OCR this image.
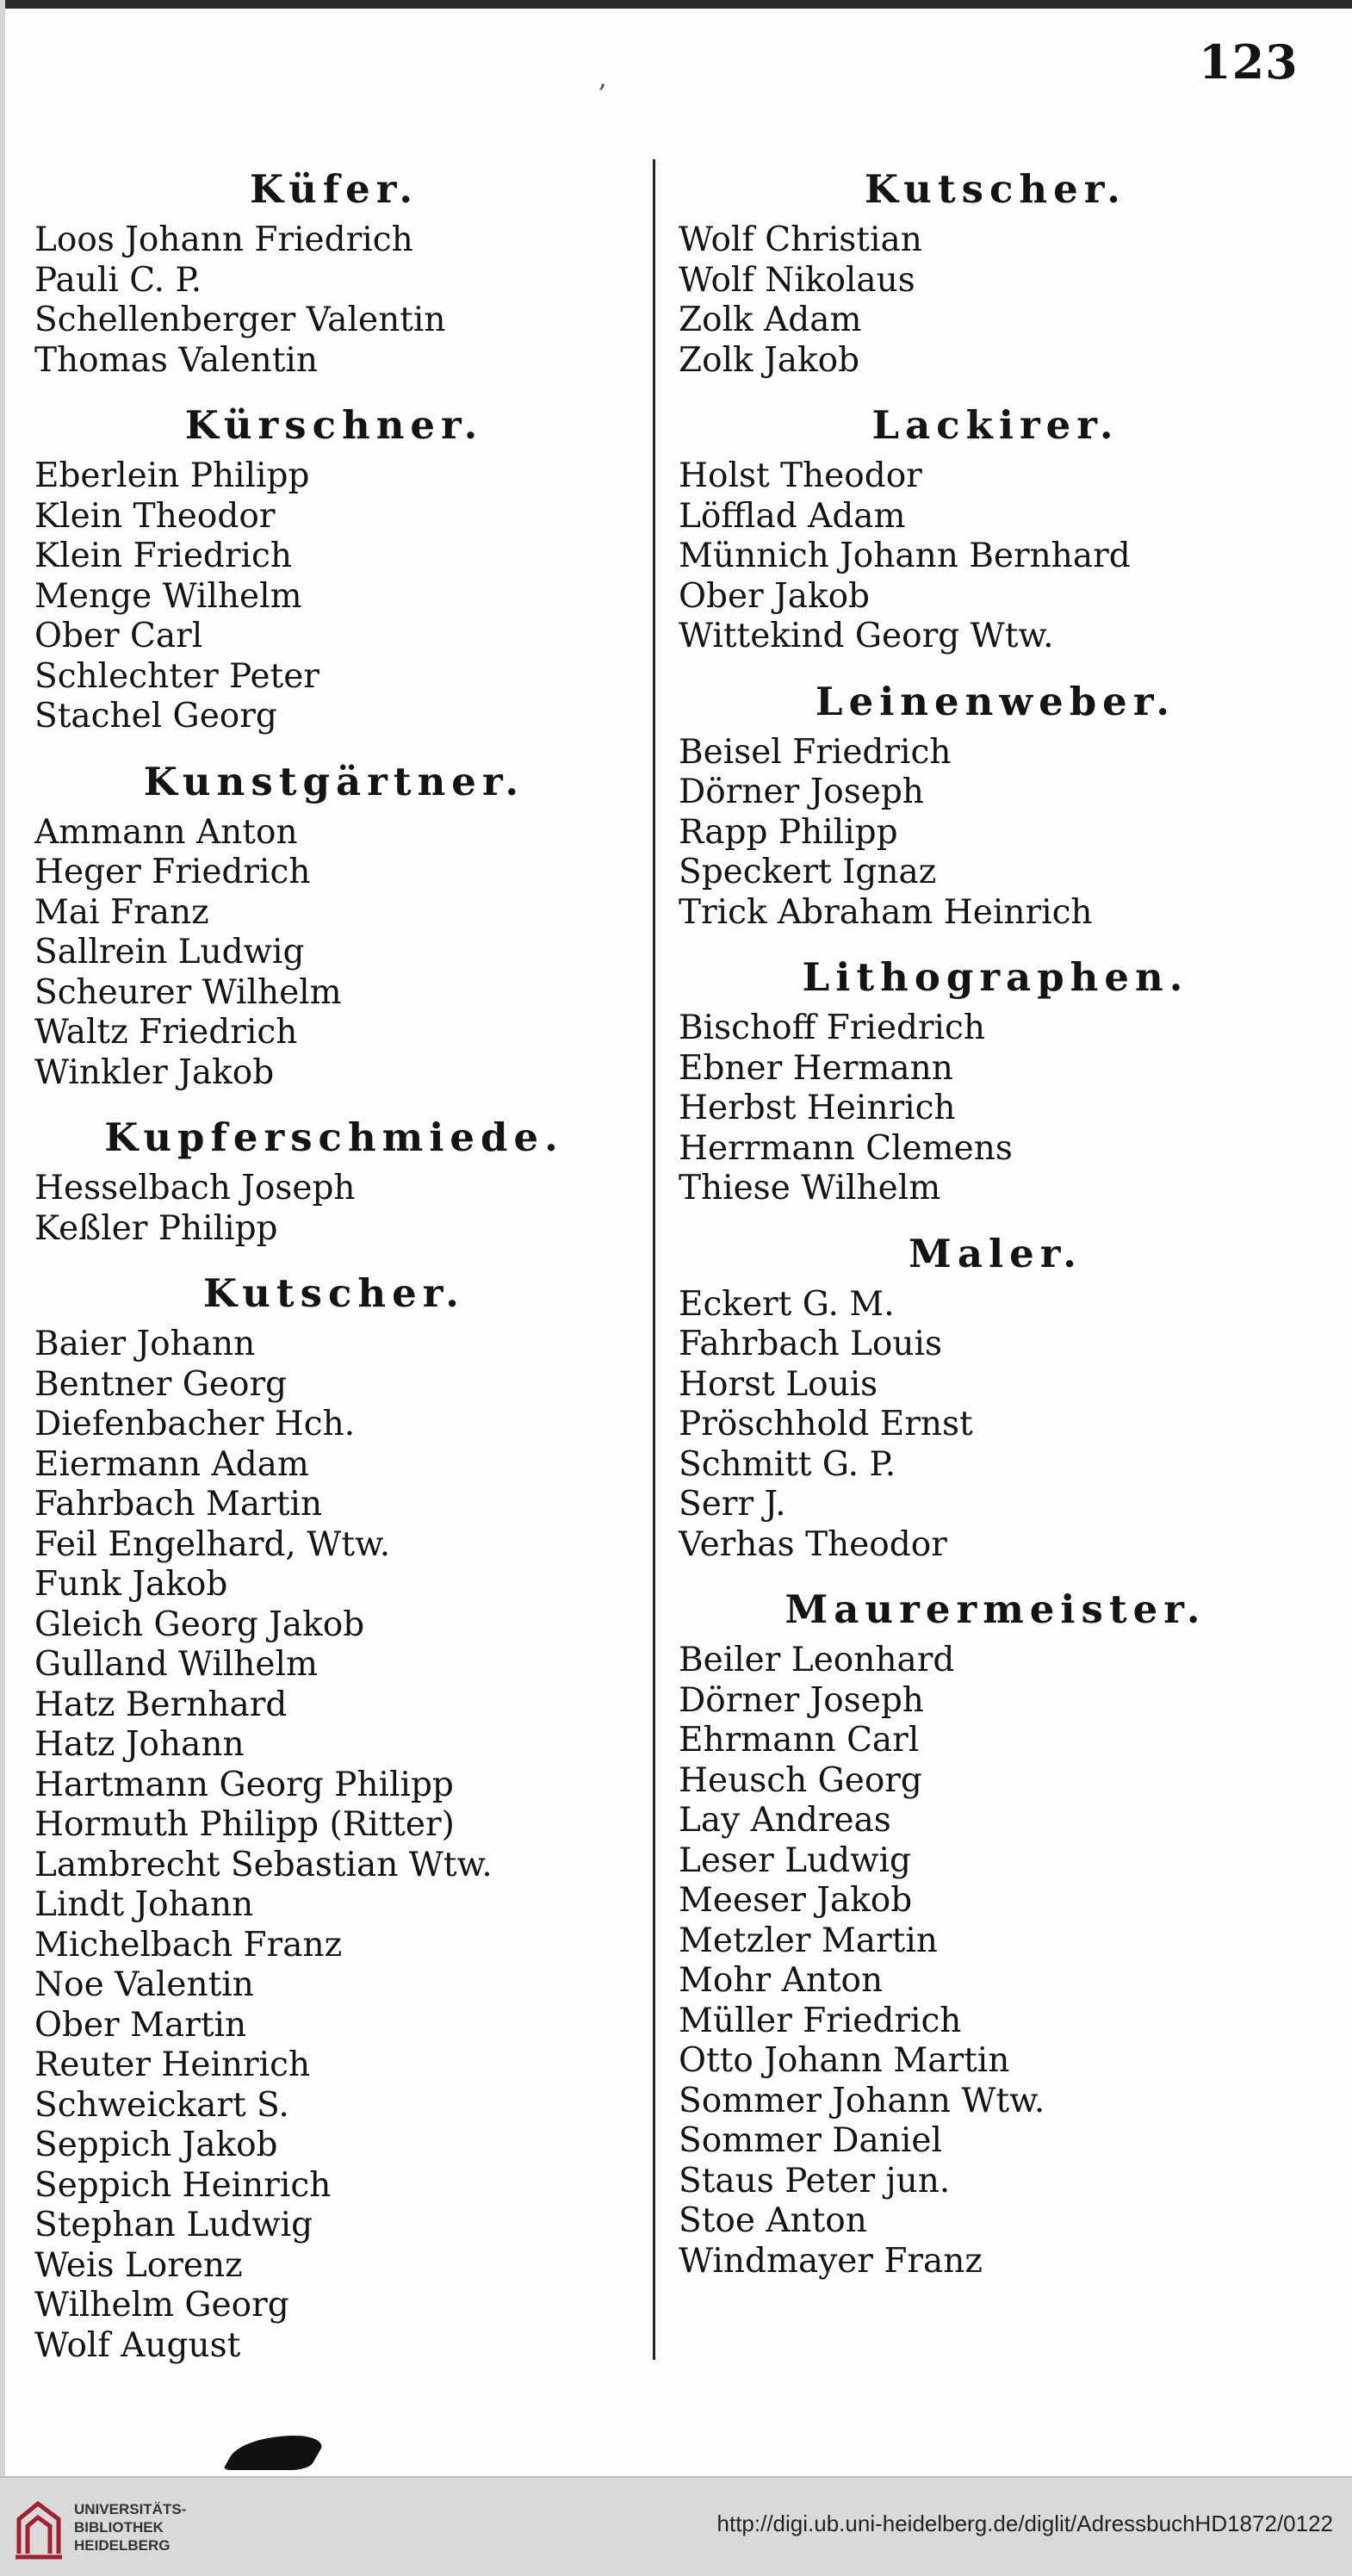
,	123
Küfer.
Loos Johann Friedrich
Pauli C. P.
Schellenberger Valentin
Thomas Valentin
Kürschner.
Eberlein Philipp
Klein Theodor
Klein Friedrich
Menge Wilhelm
Ober Carl
Schlechter Peter
Stachel Georg
Kunstgärtner.
Ammann Anton
Heger Friedrich
Mai Franz
Sallrein Ludwig
Scheurer Wilhelm
Waltz Friedrich
Winkler Jakob
Kupferschmiede.
Hesselbach Joseph
Keßler Philipp
Kutscher.
Baier Johann
Bentner Georg
Diefenbacher Hch.
Eiermann Adam
Fahrbach Martin
Feil Engelhard, Wtw.
Funk Jakob
Gleich Georg Jakob
Gulland Wilhelm
Hatz Bernhard
Hatz Johann
Hartmann Georg Philipp
Hormuth Philipp (Ritter)
Lambrecht Sebastian Wtw.
Lindt Johann
Michelbach Franz
Noe Valentin
Ober Martin
Reuter Heinrich
Schweickart S.
Seppich Jakob
Seppich Heinrich
Stephan Ludwig
Weis Lorenz
Wilhelm Georg
Wolf August
Kutscher.
Wolf Christian
Wolf Nikolaus
Zolk Adam
Zolk Jakob
Lackirer.
Holst Theodor
Löfflad Adam
Münnich Johann Bernhard
Ober Jakob
Wittekind Georg Wtw.
Leinenweber.
Beisel Friedrich
Dörner Joseph
Rapp Philipp
Speckert Ignaz
Trick Abraham Heinrich
Lithographen.
Bischoff Friedrich
Ebner Hermann
Herbst Heinrich
Herrmann Clemens
Thiese Wilhelm
Maler.
Eckert G. M.
Fahrbach Louis
Horst Louis
Pröschhold Ernst
Schmitt G. P.
Serr J.
Verhas Theodor
Maurermeister.
Beiler Leonhard
Dörner Joseph
Ehrmann Carl
Heusch Georg
Lay Andreas
Leser Ludwig
Meeser Jakob
Metzler Martin
Mohr Anton
Müller Friedrich
Otto Johann Martin
Sommer Johann Wtw.
Sommer Daniel
Staus Peter jun.
Stoe Anton
Windmayer Franz
UNIVERSITÄTS-
BIBLIOTHEK
HEIDELBERG
http://digi.ub.uni-heidelberg.de/diglit/AdressbuchHD1872/0122
